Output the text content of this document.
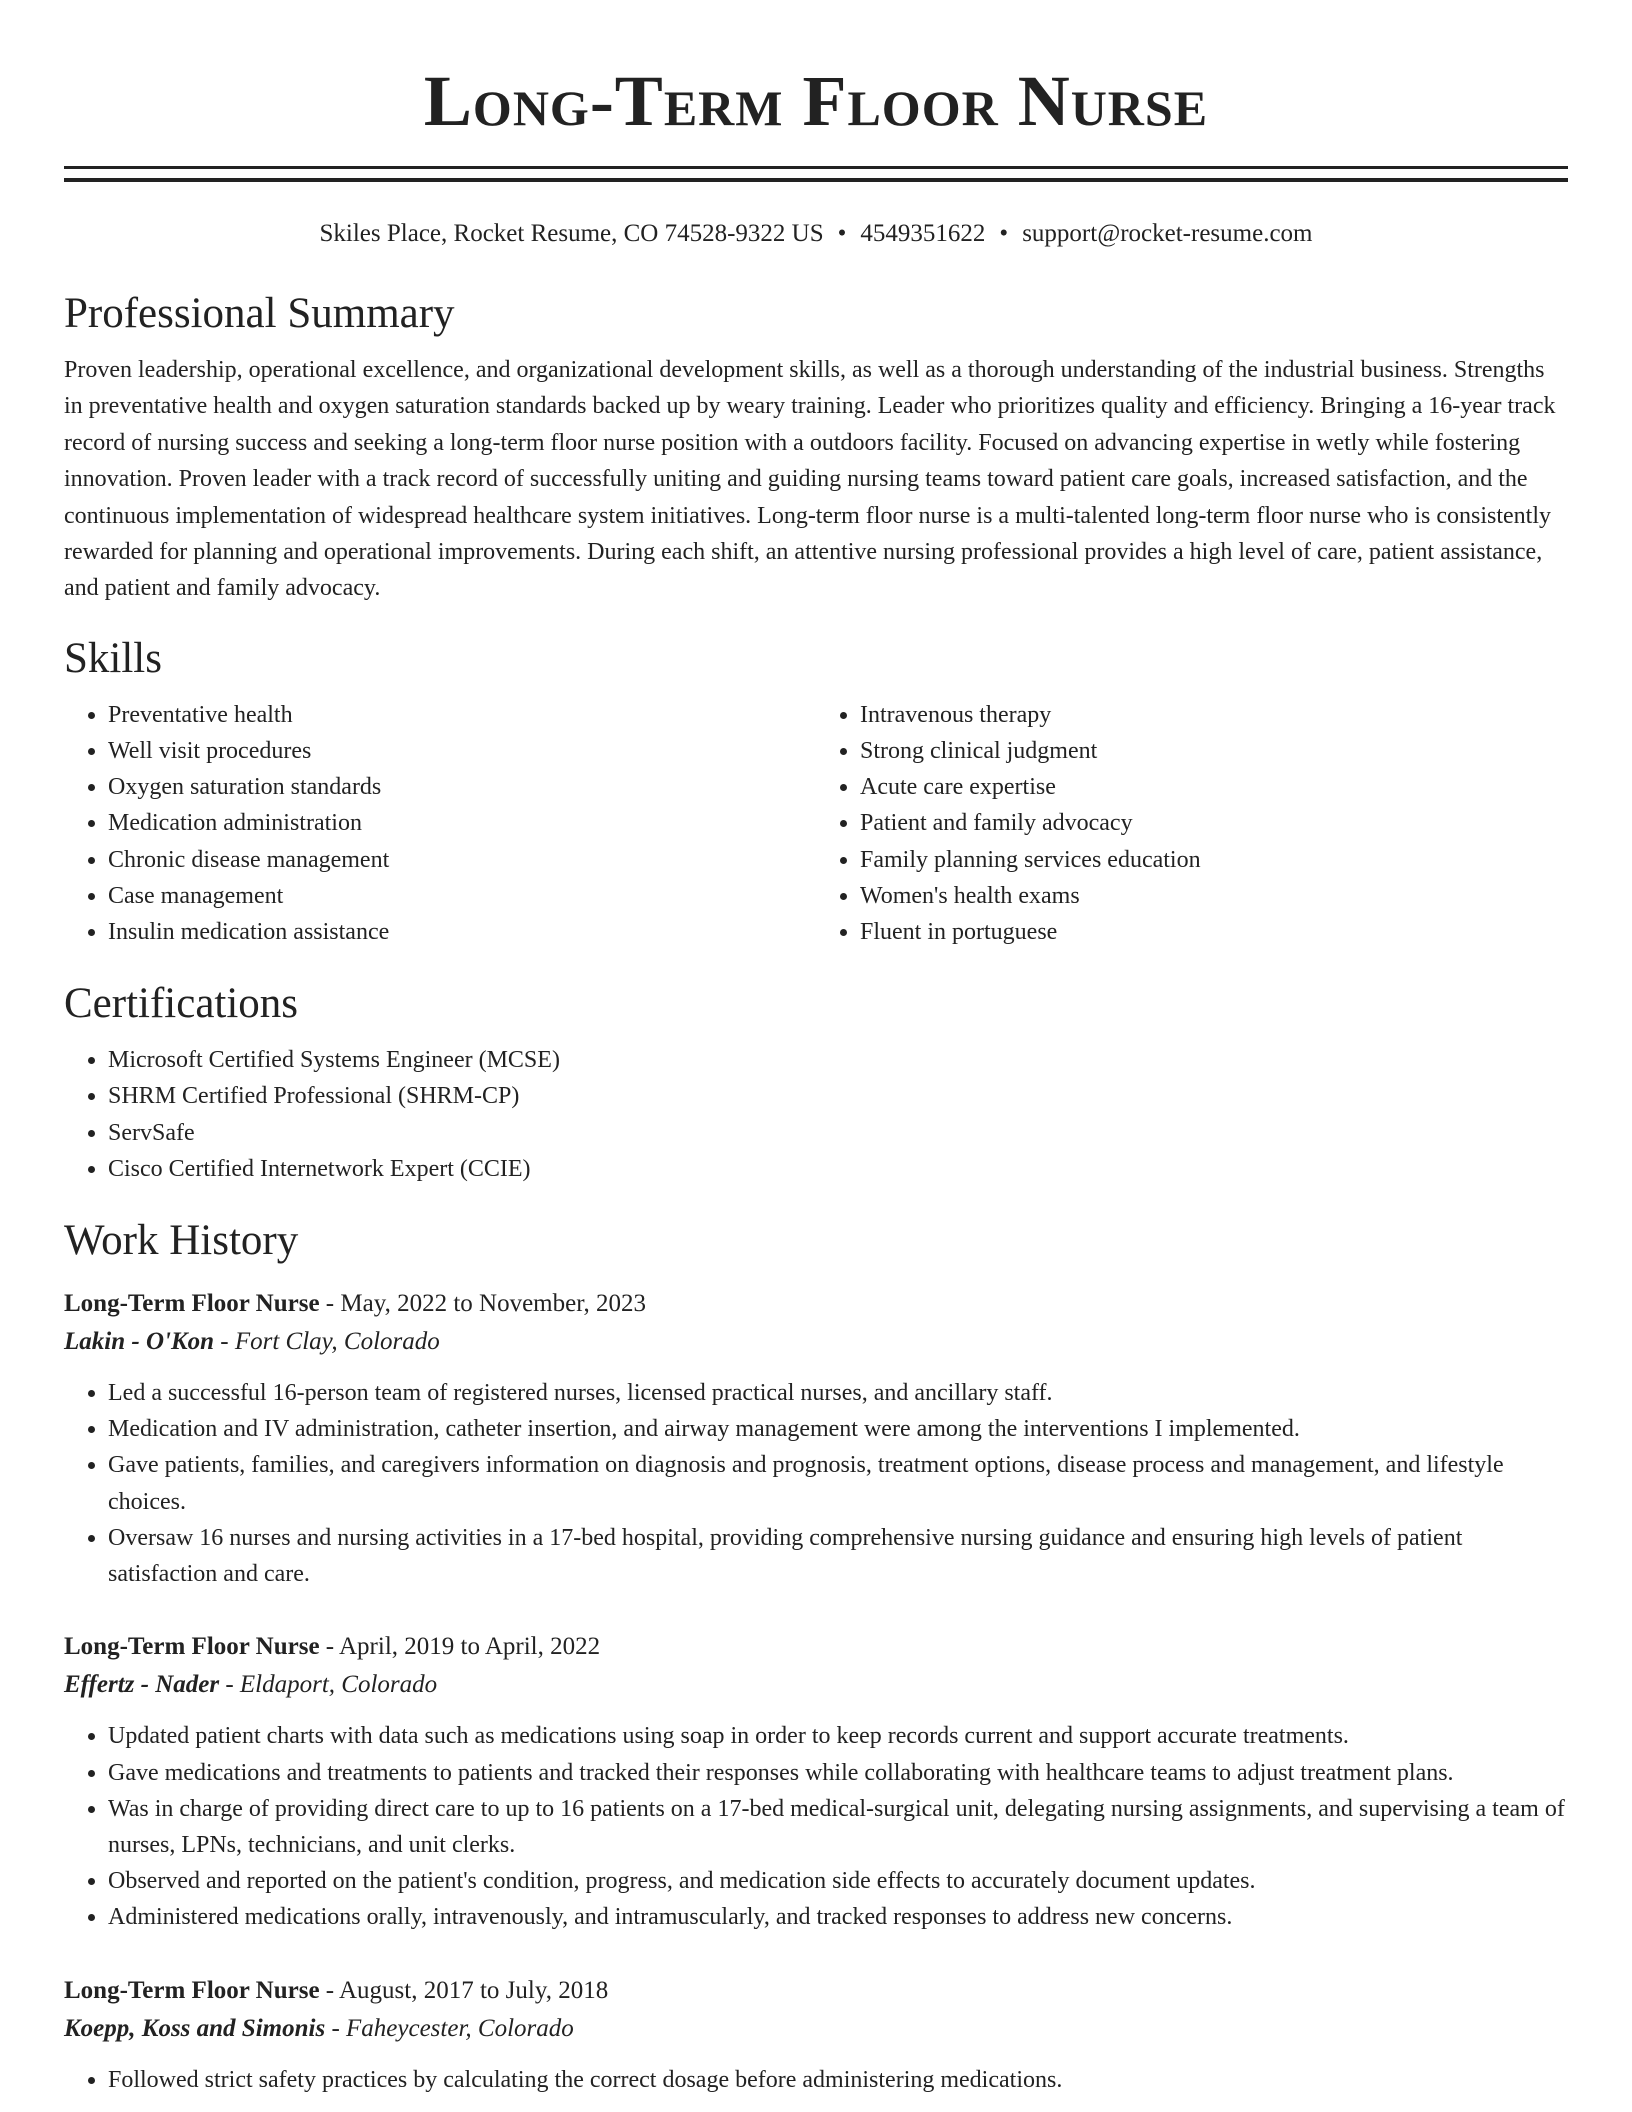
Long-Term Floor Nurse
Skiles Place, Rocket Resume, CO 74528-9322 US • 4549351622 • support@rocket-resume.com
Professional Summary

Proven leadership, operational excellence, and organizational development skills, as well as a thorough understanding of the industrial business. Strengths in preventative health and oxygen saturation standards backed up by weary training. Leader who prioritizes quality and efficiency. Bringing a 16-year track record of nursing success and seeking a long-term floor nurse position with a outdoors facility. Focused on advancing expertise in wetly while fostering innovation. Proven leader with a track record of successfully uniting and guiding nursing teams toward patient care goals, increased satisfaction, and the continuous implementation of widespread healthcare system initiatives. Long-term floor nurse is a multi-talented long-term floor nurse who is consistently rewarded for planning and operational improvements. During each shift, an attentive nursing professional provides a high level of care, patient assistance, and patient and family advocacy.

Skills
• Preventative health
• Well visit procedures
• Oxygen saturation standards
• Medication administration
• Chronic disease management
• Case management
• Insulin medication assistance
• Intravenous therapy
• Strong clinical judgment
• Acute care expertise
• Patient and family advocacy
• Family planning services education
• Women's health exams
• Fluent in portuguese
Certifications
• Microsoft Certified Systems Engineer (MCSE)
• SHRM Certified Professional (SHRM-CP)
• ServSafe
• Cisco Certified Internetwork Expert (CCIE)
Work History
Long-Term Floor Nurse - May, 2022 to November, 2023
Lakin - O'Kon - Fort Clay, Colorado
• Led a successful 16-person team of registered nurses, licensed practical nurses, and ancillary staff.
• Medication and IV administration, catheter insertion, and airway management were among the interventions I implemented.
• Gave patients, families, and caregivers information on diagnosis and prognosis, treatment options, disease process and management, and lifestyle choices.
• Oversaw 16 nurses and nursing activities in a 17-bed hospital, providing comprehensive nursing guidance and ensuring high levels of patient satisfaction and care.
Long-Term Floor Nurse - April, 2019 to April, 2022
Effertz - Nader - Eldaport, Colorado
• Updated patient charts with data such as medications using soap in order to keep records current and support accurate treatments.
• Gave medications and treatments to patients and tracked their responses while collaborating with healthcare teams to adjust treatment plans.
• Was in charge of providing direct care to up to 16 patients on a 17-bed medical-surgical unit, delegating nursing assignments, and supervising a team of nurses, LPNs, technicians, and unit clerks.
• Observed and reported on the patient's condition, progress, and medication side effects to accurately document updates.
• Administered medications orally, intravenously, and intramuscularly, and tracked responses to address new concerns.
Long-Term Floor Nurse - August, 2017 to July, 2018
Koepp, Koss and Simonis - Faheycester, Colorado
• Followed strict safety practices by calculating the correct dosage before administering medications.
